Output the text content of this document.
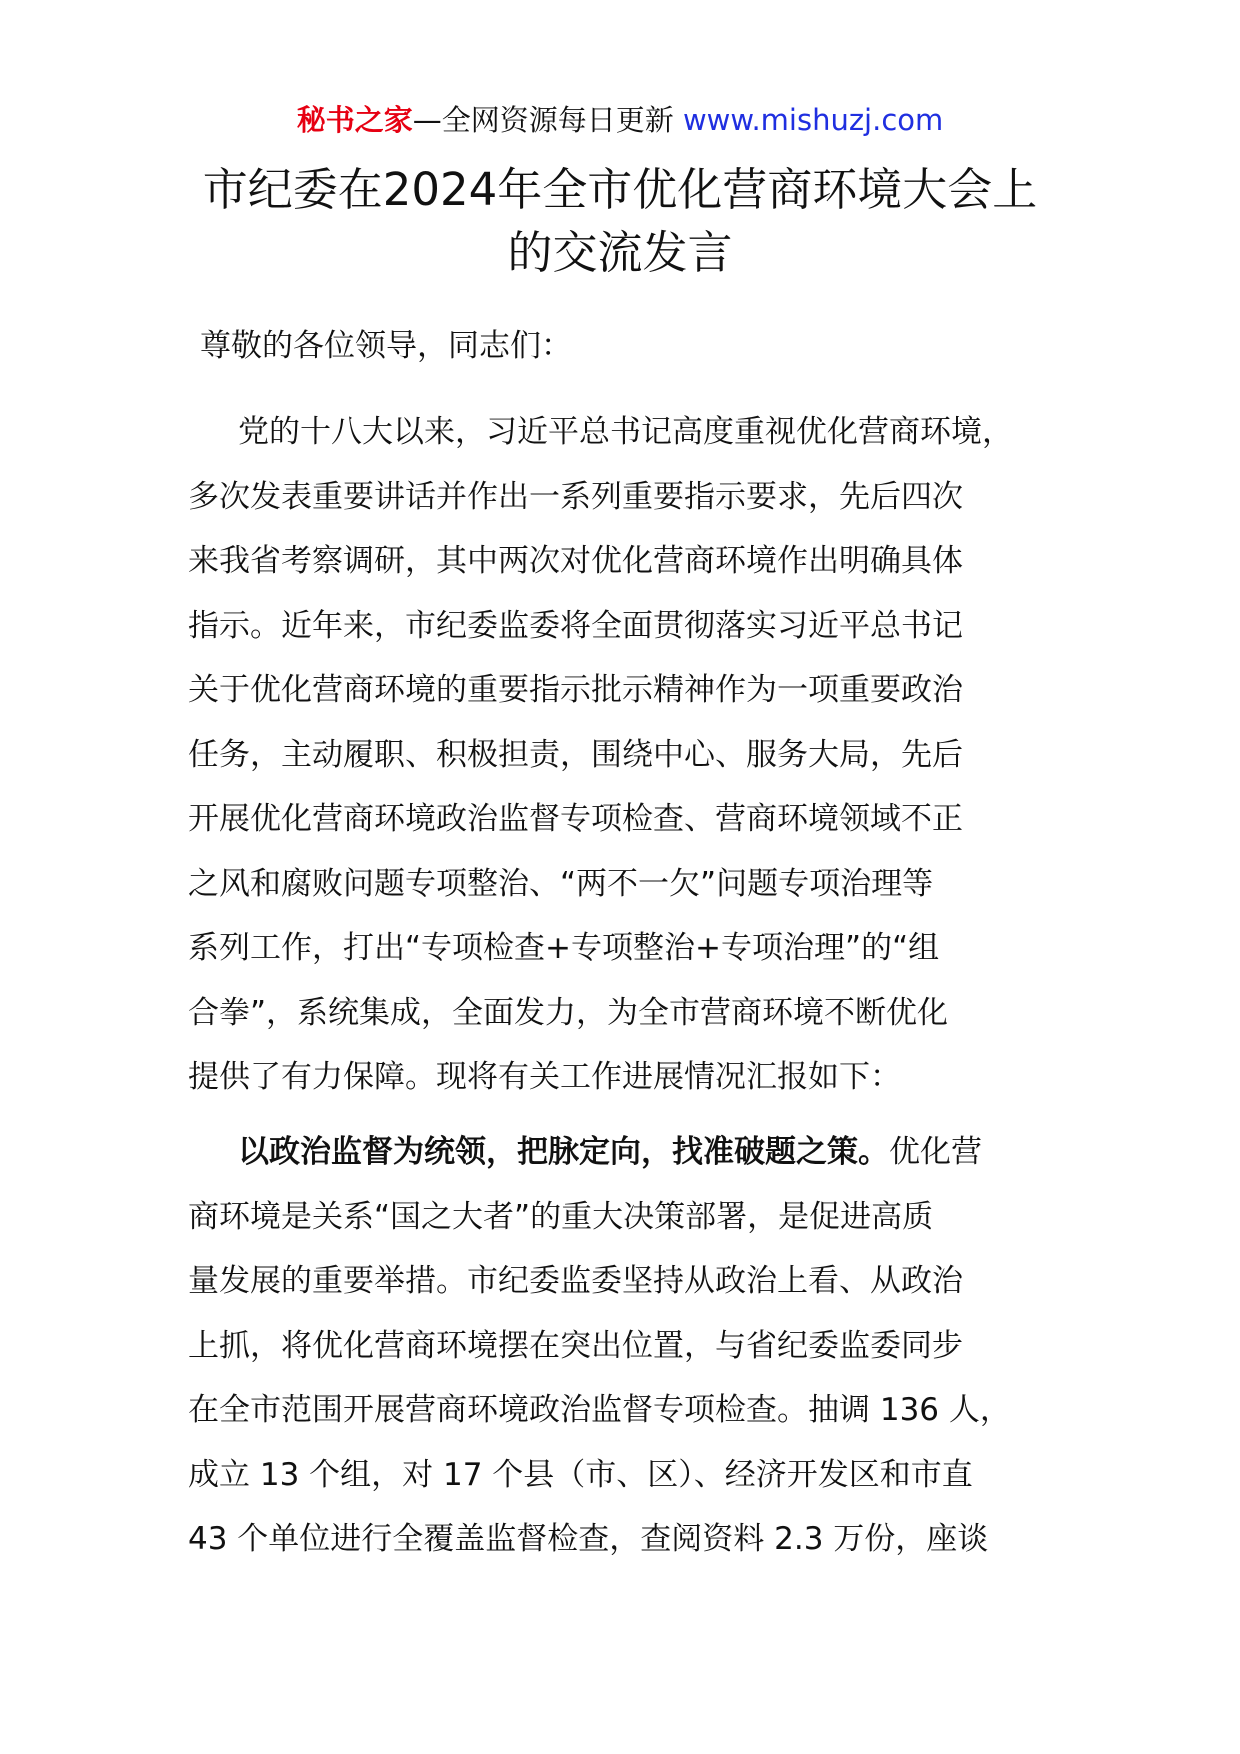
秘书之家—全网资源每日更新 www.mishuzj.com
市纪委在2024年全市优化营商环境大会上
的交流发言

尊敬的各位领导，同志们：

党的十八大以来，习近平总书记高度重视优化营商环境，
多次发表重要讲话并作出一系列重要指示要求，先后四次
来我省考察调研，其中两次对优化营商环境作出明确具体
指示。近年来，市纪委监委将全面贯彻落实习近平总书记
关于优化营商环境的重要指示批示精神作为一项重要政治
任务，主动履职、积极担责，围绕中心、服务大局，先后
开展优化营商环境政治监督专项检查、营商环境领域不正
之风和腐败问题专项整治、“两不一欠”问题专项治理等
系列工作，打出“专项检查+专项整治+专项治理”的“组
合拳”，系统集成，全面发力，为全市营商环境不断优化
提供了有力保障。现将有关工作进展情况汇报如下：
以政治监督为统领，把脉定向，找准破题之策。优化营
商环境是关系“国之大者”的重大决策部署，是促进高质
量发展的重要举措。市纪委监委坚持从政治上看、从政治
上抓，将优化营商环境摆在突出位置，与省纪委监委同步
在全市范围开展营商环境政治监督专项检查。抽调 136 人，
成立 13 个组，对 17 个县（市、区）、经济开发区和市直
43 个单位进行全覆盖监督检查，查阅资料 2.3 万份，座谈
